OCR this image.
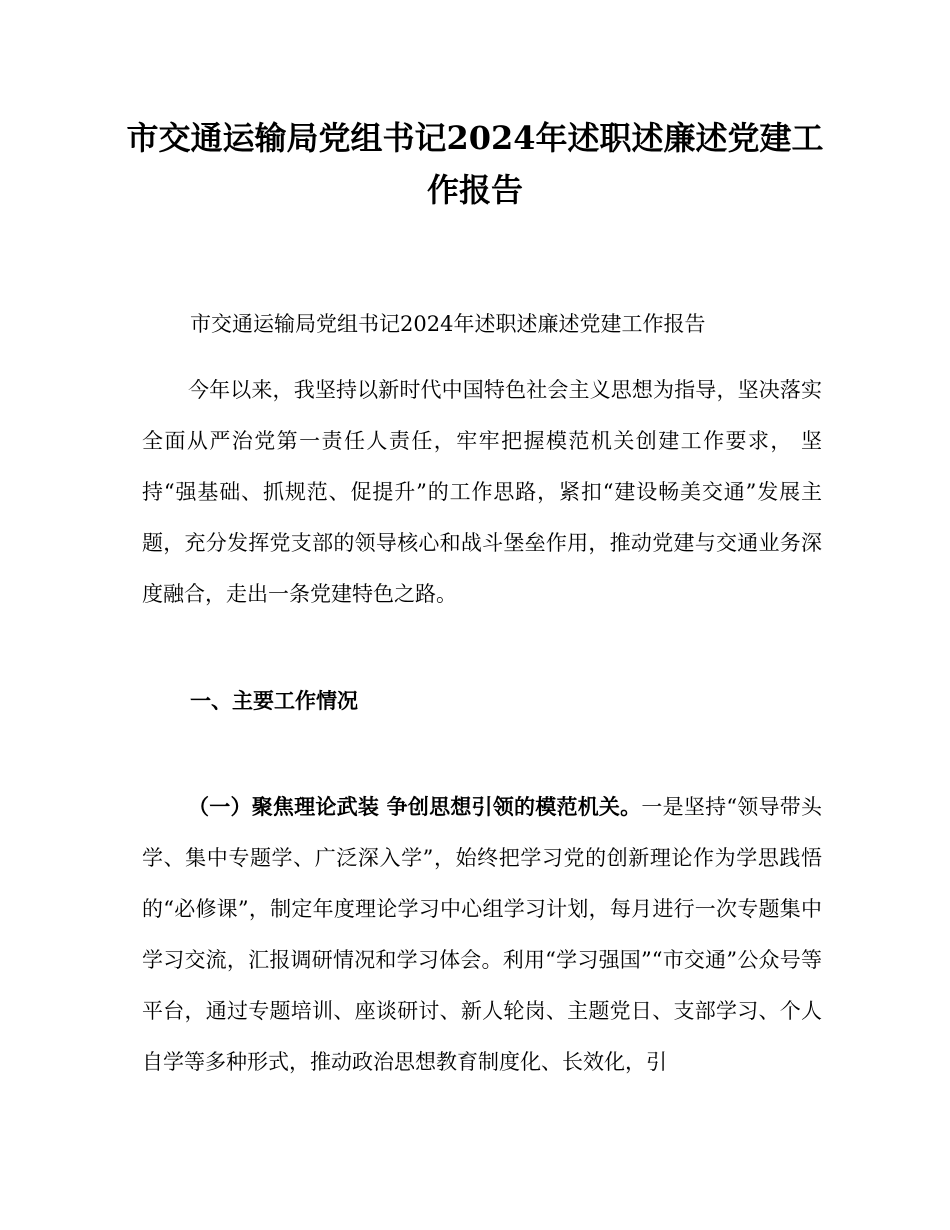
市交通运输局党组书记2024年述职述廉述党建工作报告

市交通运输局党组书记2024年述职述廉述党建工作报告

今年以来，我坚持以新时代中国特色社会主义思想为指导，坚决落实全面从严治党第一责任人责任，牢牢把握模范机关创建工作要求， 坚持“强基础、抓规范、促提升”的工作思路，紧扣“建设畅美交通”发展主题，充分发挥党支部的领导核心和战斗堡垒作用，推动党建与交通业务深度融合，走出一条党建特色之路。

一、主要工作情况

（一）聚焦理论武装 争创思想引领的模范机关。一是坚持“领导带头学、集中专题学、广泛深入学”，始终把学习党的创新理论作为学思践悟的“必修课”，制定年度理论学习中心组学习计划，每月进行一次专题集中学习交流，汇报调研情况和学习体会。利用“学习强国”“市交通”公众号等平台，通过专题培训、座谈研讨、新人轮岗、主题党日、支部学习、个人自学等多种形式，推动政治思想教育制度化、长效化，引
